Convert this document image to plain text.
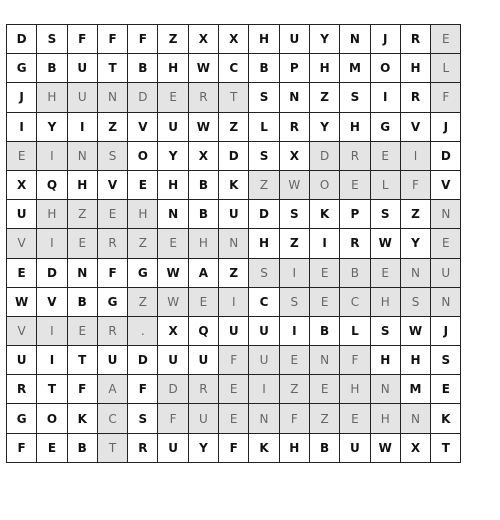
D	S	F	F	F	Z	X	X	H	U	Y	N	J	R	E
G	B	U	T	B	H	W	C	B	P	H	M	O	H	L
J	H	U	N	D	E	R	T	S	N	Z	S	I	R	F
I	Y	I	Z	V	U	W	Z	L	R	Y	H	G	V	J
E	I	N	S	O	Y	X	D	S	X	D	R	E	I	D
X	Q	H	V	E	H	B	K	Z	W	O	E	L	F	V
U	H	Z	E	H	N	B	U	D	S	K	P	S	Z	N
V	I	E	R	Z	E	H	N	H	Z	I	R	W	Y	E
E	D	N	F	G	W	A	Z	S	I	E	B	E	N	U
W	V	B	G	Z	W	E	I	C	S	E	C	H	S	N
V	I	E	R	.	X	Q	U	U	I	B	L	S	W	J
U	I	T	U	D	U	U	F	U	E	N	F	H	H	S
R	T	F	A	F	D	R	E	I	Z	E	H	N	M	E
G	O	K	C	S	F	U	E	N	F	Z	E	H	N	K
F	E	B	T	R	U	Y	F	K	H	B	U	W	X	T
